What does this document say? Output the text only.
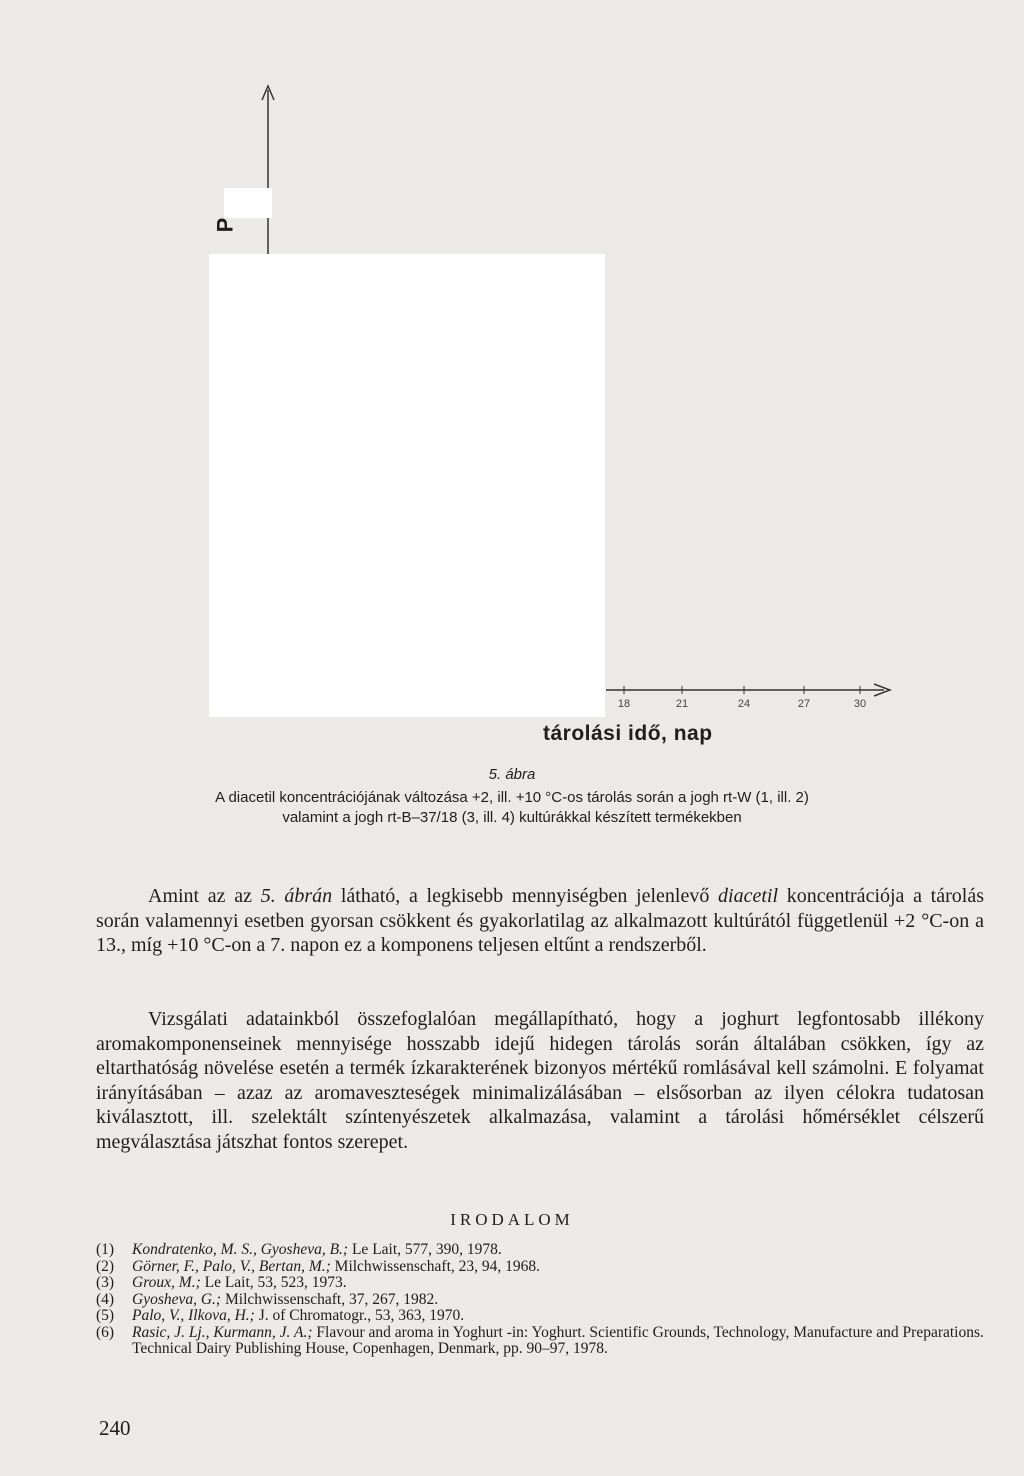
P
18	21	24	27	30
tárolási idő, nap
5. ábra
A diacetil koncentrációjának változása +2, ill. +10 °C-os tárolás során a jogh rt-W (1, ill. 2)
valamint a jogh rt-B–37/18 (3, ill. 4) kultúrákkal készített termékekben

Amint az az 5. ábrán látható, a legkisebb mennyiségben jelenlevő diacetil koncentrációja a tárolás során valamennyi esetben gyorsan csökkent és gyakorlatilag az alkalmazott kultúrától függetlenül +2 °C-on a 13., míg +10 °C-on a 7. napon ez a komponens teljesen eltűnt a rendszerből.

Vizsgálati adatainkból összefoglalóan megállapítható, hogy a joghurt legfontosabb illékony aromakomponenseinek mennyisége hosszabb idejű hidegen tárolás során általában csökken, így az eltarthatóság növelése esetén a termék ízkarakterének bizonyos mértékű romlásával kell számolni. E folyamat irányításában – azaz az aromaveszteségek minimalizálásában – elsősorban az ilyen célokra tudatosan kiválasztott, ill. szelektált színtenyészetek alkalmazása, valamint a tárolási hőmérséklet célszerű megválasztása játszhat fontos szerepet.

IRODALOM
(1) Kondratenko, M. S., Gyosheva, B.; Le Lait, 577, 390, 1978.
(2) Görner, F., Palo, V., Bertan, M.; Milchwissenschaft, 23, 94, 1968.
(3) Groux, M.; Le Lait, 53, 523, 1973.
(4) Gyosheva, G.; Milchwissenschaft, 37, 267, 1982.
(5) Palo, V., Ilkova, H.; J. of Chromatogr., 53, 363, 1970.
(6) Rasic, J. Lj., Kurmann, J. A.; Flavour and aroma in Yoghurt -in: Yoghurt. Scientific Grounds, Technology, Manufacture and Preparations. Technical Dairy Publishing House, Copenhagen, Denmark, pp. 90–97, 1978.
240
